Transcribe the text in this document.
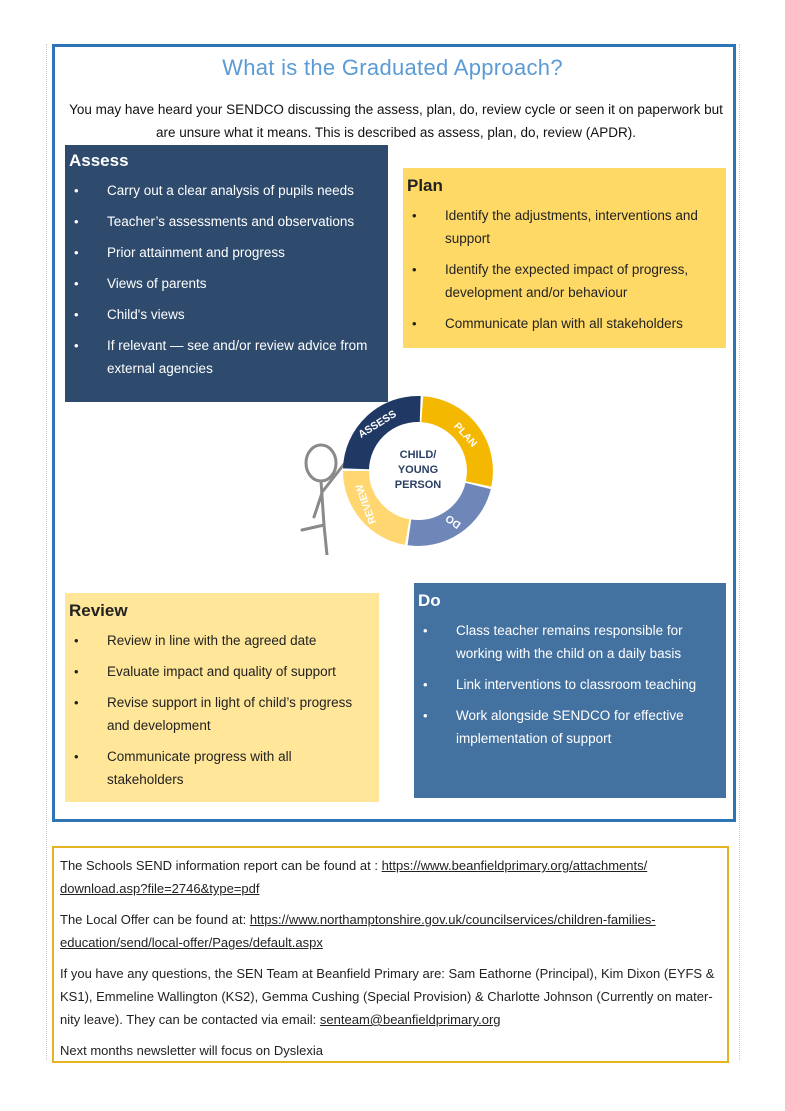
What is the Graduated Approach?
You may have heard your SENDCO discussing the assess, plan, do, review cycle or seen it on paperwork but are unsure what it means. This is described as assess, plan, do, review (APDR).
Assess
• Carry out a clear analysis of pupils needs
• Teacher’s assessments and observations
• Prior attainment and progress
• Views of parents
• Child's views
• If relevant — see and/or review advice from external agencies
Plan
• Identify the adjustments, interventions and support
• Identify the expected impact of progress, development and/or behaviour
• Communicate plan with all stakeholders
ASSESS	PLAN
DO
REVIEW
CHILD/
YOUNG
PERSON
Review
• Review in line with the agreed date
• Evaluate impact and quality of support
• Revise support in light of child’s progress and development
• Communicate progress with all stakeholders
Do
• Class teacher remains responsible for working with the child on a daily basis
• Link interventions to classroom teaching
• Work alongside SENDCO for effective implementation of support

The Schools SEND information report can be found at : https://www.beanfieldprimary.org/attachments/
download.asp?file=2746&type=pdf

The Local Offer can be found at: https://www.northamptonshire.gov.uk/councilservices/children-families-
education/send/local-offer/Pages/default.aspx

If you have any questions, the SEN Team at Beanfield Primary are: Sam Eathorne (Principal), Kim Dixon (EYFS &
KS1), Emmeline Wallington (KS2), Gemma Cushing (Special Provision) & Charlotte Johnson (Currently on mater-
nity leave). They can be contacted via email: senteam@beanfieldprimary.org

Next months newsletter will focus on Dyslexia
